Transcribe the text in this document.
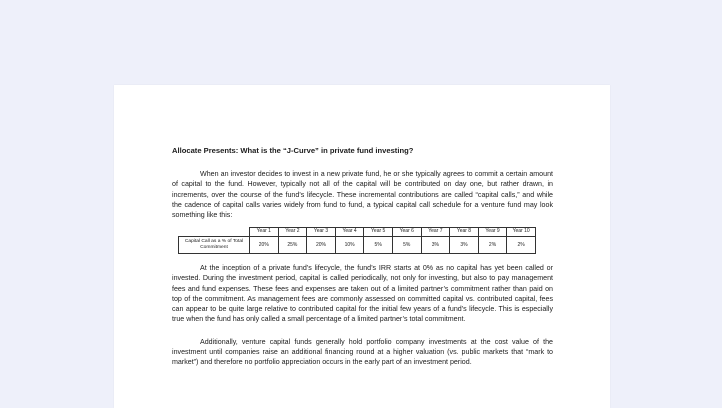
Allocate Presents: What is the “J-Curve” in private fund investing?

When an investor decides to invest in a new private fund, he or she typically agrees to commit a certain amount of capital to the fund. However, typically not all of the capital will be contributed on day one, but rather drawn, in increments, over the course of the fund’s lifecycle. These incremental contributions are called “capital calls,” and while the cadence of capital calls varies widely from fund to fund, a typical capital call schedule for a venture fund may look something like this:

	Year 1	Year 2	Year 3	Year 4	Year 5	Year 6	Year 7	Year 8	Year 9	Year 10
Capital Call as a % of Total Commitment	20%	25%	20%	10%	5%	5%	3%	3%	2%	2%

At the inception of a private fund’s lifecycle, the fund’s IRR starts at 0% as no capital has yet been called or invested. During the investment period, capital is called periodically, not only for investing, but also to pay management fees and fund expenses. These fees and expenses are taken out of a limited partner’s commitment rather than paid on top of the commitment. As management fees are commonly assessed on committed capital vs. contributed capital, fees can appear to be quite large relative to contributed capital for the initial few years of a fund’s lifecycle. This is especially true when the fund has only called a small percentage of a limited partner’s total commitment.

Additionally, venture capital funds generally hold portfolio company investments at the cost value of the investment until companies raise an additional financing round at a higher valuation (vs. public markets that “mark to market”) and therefore no portfolio appreciation occurs in the early part of an investment period.
